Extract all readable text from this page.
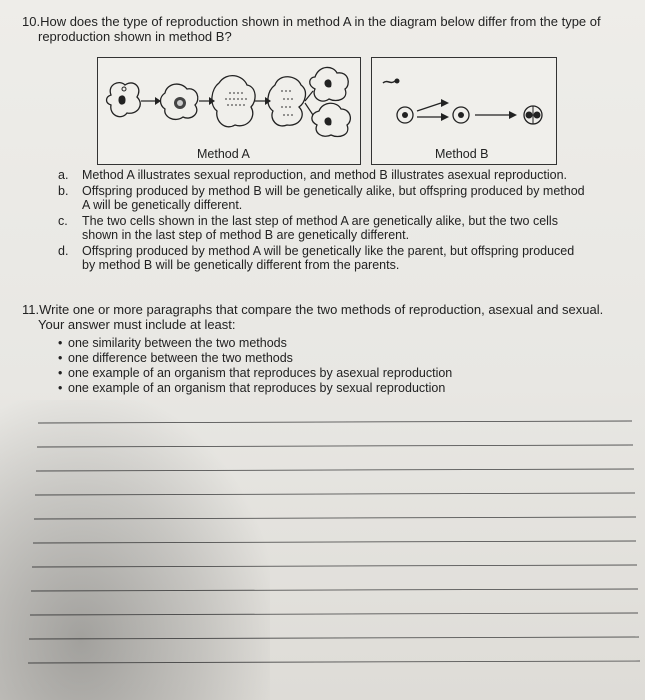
10.How does the type of reproduction shown in method A in the diagram below differ from the type of
reproduction shown in method B?
Method A	Method B
a.	Method A illustrates sexual reproduction, and method B illustrates asexual reproduction.
b.	Offspring produced by method B will be genetically alike, but offspring produced by method
A will be genetically different.
c.	The two cells shown in the last step of method A are genetically alike, but the two cells
shown in the last step of method B are genetically different.
d.	Offspring produced by method A will be genetically like the parent, but offspring produced
by method B will be genetically different from the parents.
11.Write one or more paragraphs that compare the two methods of reproduction, asexual and sexual.
Your answer must include at least:
• one similarity between the two methods
• one difference between the two methods
• one example of an organism that reproduces by asexual reproduction
• one example of an organism that reproduces by sexual reproduction
